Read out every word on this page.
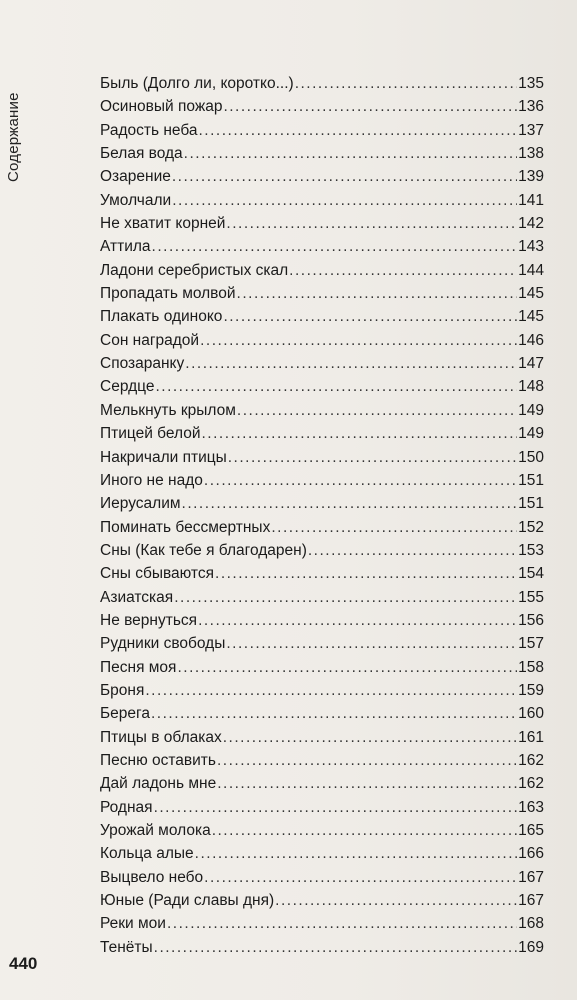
Содержание
Быль (Долго ли, коротко...) .....	135
Осиновый пожар .....	136
Радость неба .....	137
Белая вода .....	138
Озарение .....	139
Умолчали .....	141
Не хватит корней .....	142
Аттила .....	143
Ладони серебристых скал .....	144
Пропадать молвой .....	145
Плакать одиноко .....	145
Сон наградой .....	146
Спозаранку .....	147
Сердце .....	148
Мелькнуть крылом .....	149
Птицей белой .....	149
Накричали птицы .....	150
Иного не надо .....	151
Иерусалим .....	151
Поминать бессмертных .....	152
Сны (Как тебе я благодарен) .....	153
Сны сбываются .....	154
Азиатская .....	155
Не вернуться .....	156
Рудники свободы .....	157
Песня моя .....	158
Броня .....	159
Берега .....	160
Птицы в облаках .....	161
Песню оставить .....	162
Дай ладонь мне .....	162
Родная .....	163
Урожай молока .....	165
Кольца алые .....	166
Выцвело небо .....	167
Юные (Ради славы дня) .....	167
Реки мои .....	168
Тенёты .....	169
440
